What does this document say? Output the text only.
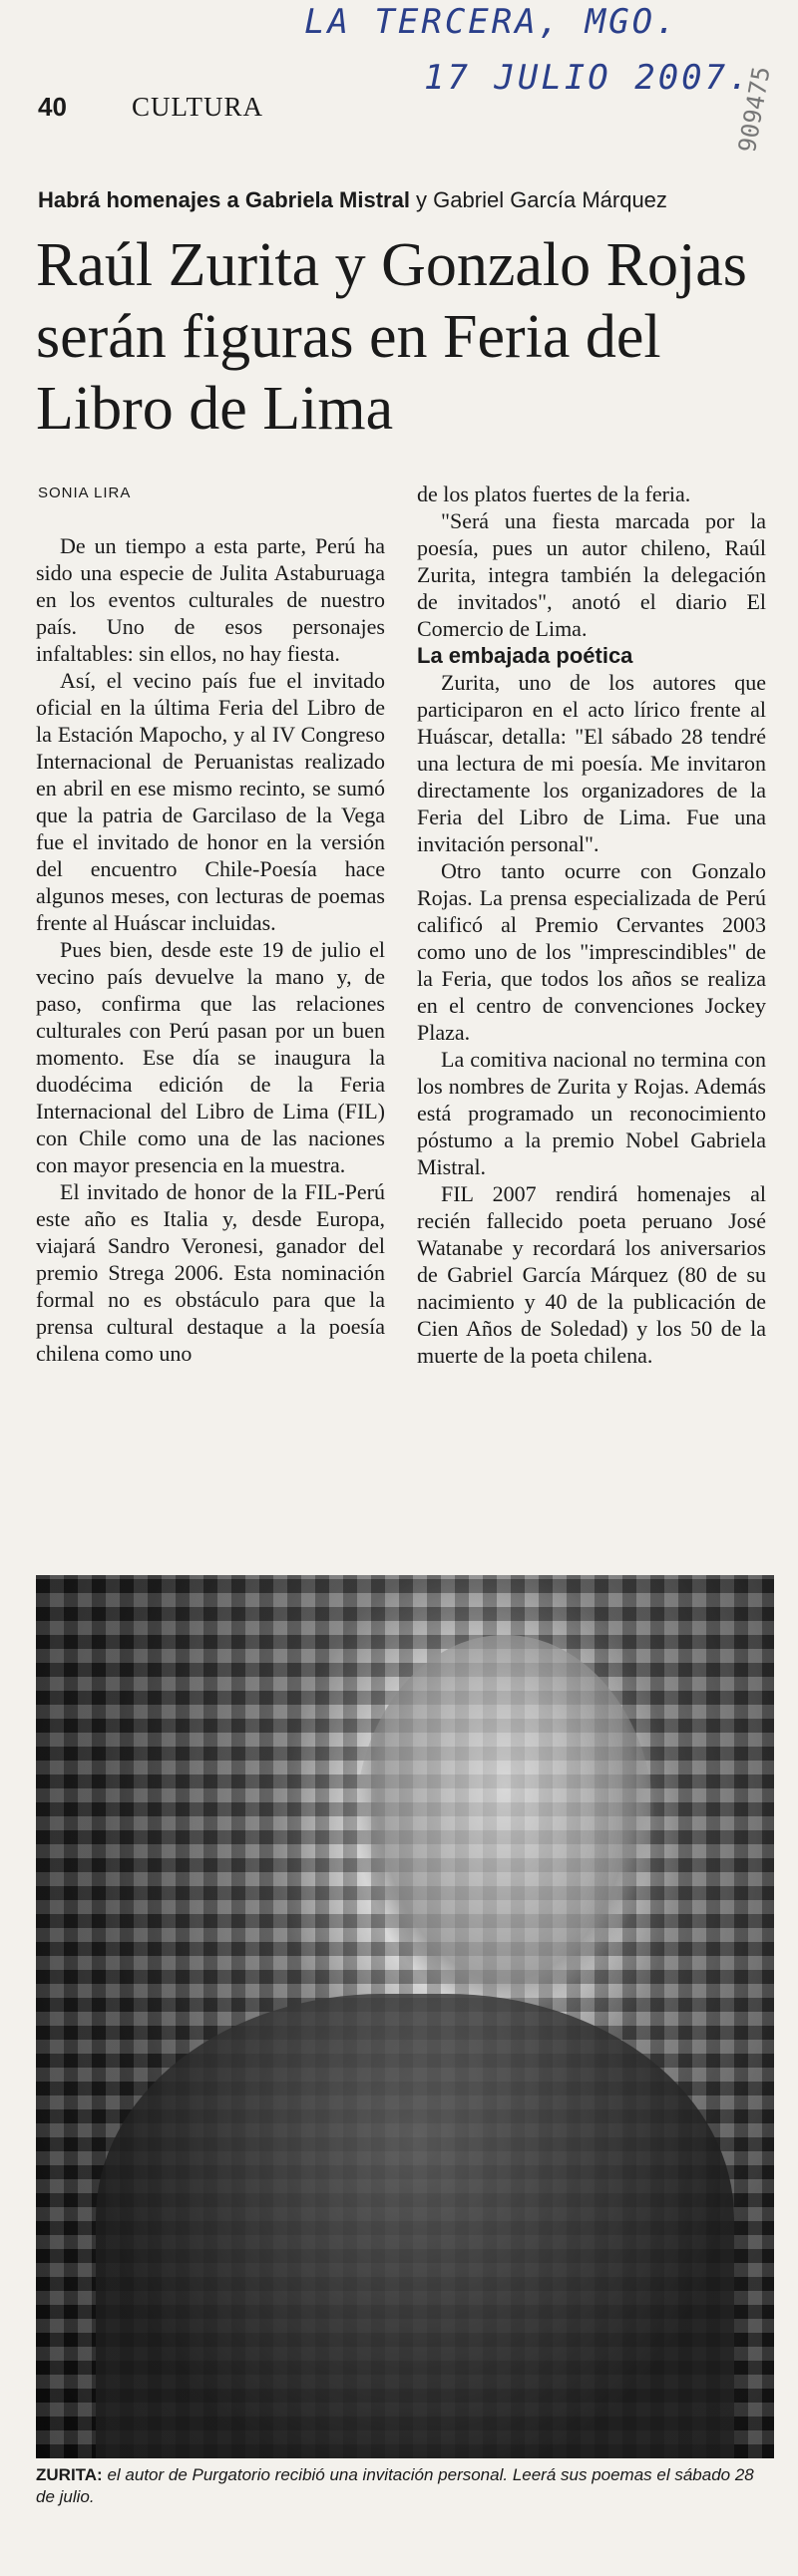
LA TERCERA, MGO.
17 JULIO 2007.
909475
40 CULTURA
Habrá homenajes a Gabriela Mistral y Gabriel García Márquez
Raúl Zurita y Gonzalo Rojas serán figuras en Feria del Libro de Lima
SONIA LIRA

De un tiempo a esta parte, Perú ha sido una especie de Julita Astaburuaga en los eventos culturales de nuestro país. Uno de esos personajes infaltables: sin ellos, no hay fiesta.

Así, el vecino país fue el invitado oficial en la última Feria del Libro de la Estación Mapocho, y al IV Congreso Internacional de Peruanistas realizado en abril en ese mismo recinto, se sumó que la patria de Garcilaso de la Vega fue el invitado de honor en la versión del encuentro Chile-Poesía hace algunos meses, con lecturas de poemas frente al Huáscar incluidas.

Pues bien, desde este 19 de julio el vecino país devuelve la mano y, de paso, confirma que las relaciones culturales con Perú pasan por un buen momento. Ese día se inaugura la duodécima edición de la Feria Internacional del Libro de Lima (FIL) con Chile como una de las naciones con mayor presencia en la muestra.

El invitado de honor de la FIL-Perú este año es Italia y, desde Europa, viajará Sandro Veronesi, ganador del premio Strega 2006. Esta nominación formal no es obstáculo para que la prensa cultural destaque a la poesía chilena como uno

de los platos fuertes de la feria.

"Será una fiesta marcada por la poesía, pues un autor chileno, Raúl Zurita, integra también la delegación de invitados", anotó el diario El Comercio de Lima.

La embajada poética

Zurita, uno de los autores que participaron en el acto lírico frente al Huáscar, detalla: "El sábado 28 tendré una lectura de mi poesía. Me invitaron directamente los organizadores de la Feria del Libro de Lima. Fue una invitación personal".

Otro tanto ocurre con Gonzalo Rojas. La prensa especializada de Perú calificó al Premio Cervantes 2003 como uno de los "imprescindibles" de la Feria, que todos los años se realiza en el centro de convenciones Jockey Plaza.

La comitiva nacional no termina con los nombres de Zurita y Rojas. Además está programado un reconocimiento póstumo a la premio Nobel Gabriela Mistral.

FIL 2007 rendirá homenajes al recién fallecido poeta peruano José Watanabe y recordará los aniversarios de Gabriel García Márquez (80 de su nacimiento y 40 de la publicación de Cien Años de Soledad) y los 50 de la muerte de la poeta chilena.

ZURITA: el autor de Purgatorio recibió una invitación personal. Leerá sus poemas el sábado 28 de julio.
